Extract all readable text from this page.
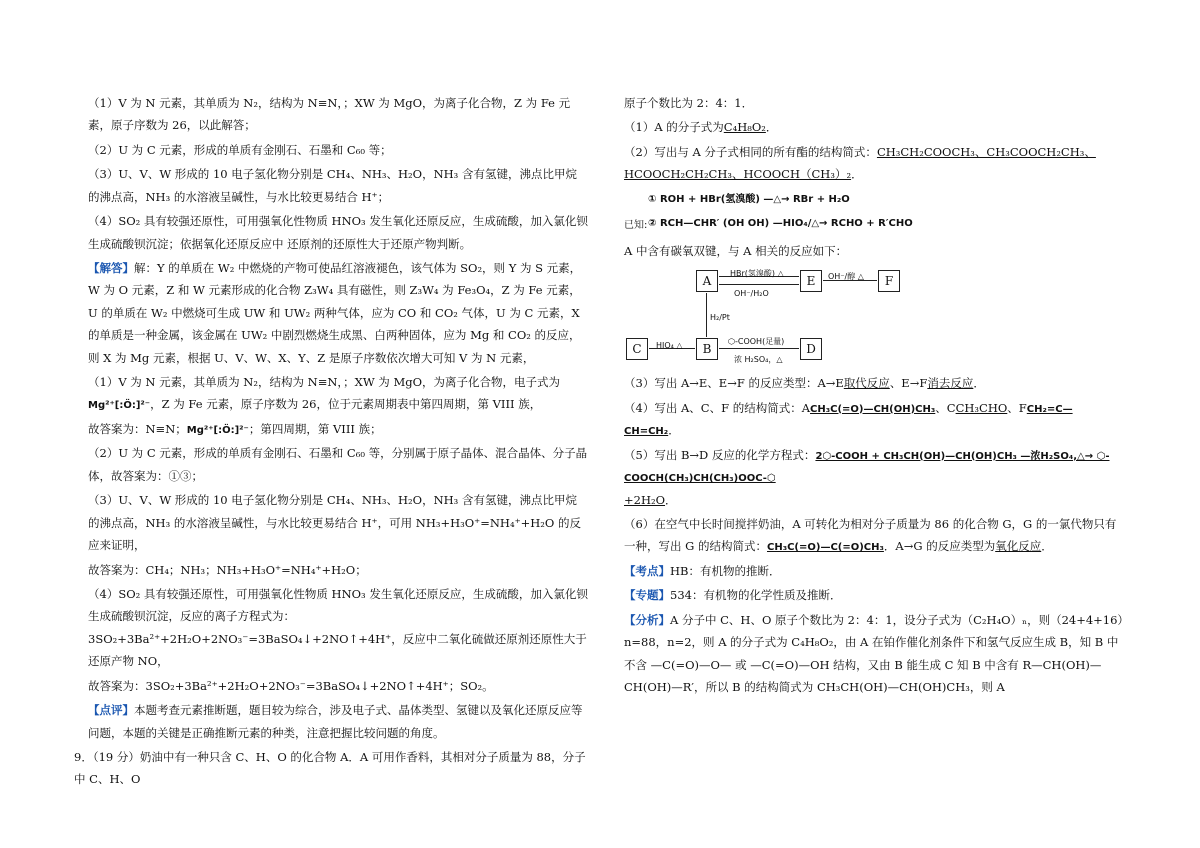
（1）V 为 N 元素，其单质为 N₂，结构为 N≡N，；XW 为 MgO，为离子化合物，Z 为 Fe 元素，原子序数为 26，以此解答；

（2）U 为 C 元素，形成的单质有金刚石、石墨和 C₆₀ 等；

（3）U、V、W 形成的 10 电子氢化物分别是 CH₄、NH₃、H₂O，NH₃ 含有氢键，沸点比甲烷的沸点高，NH₃ 的水溶液呈碱性，与水比较更易结合 H⁺；

（4）SO₂ 具有较强还原性，可用强氧化性物质 HNO₃ 发生氧化还原反应，生成硫酸，加入氯化钡生成硫酸钡沉淀；依据氧化还原反应中 还原剂的还原性大于还原产物判断。

【解答】解：Y 的单质在 W₂ 中燃烧的产物可使品红溶液褪色，该气体为 SO₂，则 Y 为 S 元素，W 为 O 元素，Z 和 W 元素形成的化合物 Z₃W₄ 具有磁性，则 Z₃W₄ 为 Fe₃O₄，Z 为 Fe 元素，U 的单质在 W₂ 中燃烧可生成 UW 和 UW₂ 两种气体，应为 CO 和 CO₂ 气体，U 为 C 元素，X 的单质是一种金属，该金属在 UW₂ 中剧烈燃烧生成黑、白两种固体，应为 Mg 和 CO₂ 的反应，则 X 为 Mg 元素，根据 U、V、W、X、Y、Z 是原子序数依次增大可知 V 为 N 元素，

（1）V 为 N 元素，其单质为 N₂，结构为 N≡N，；XW 为 MgO，为离子化合物，电子式为Mg²⁺[:Ö:]²⁻，Z 为 Fe 元素，原子序数为 26，位于元素周期表中第四周期，第 VIII 族，

故答案为：N≡N；Mg²⁺[:Ö:]²⁻；第四周期，第 VIII 族；

（2）U 为 C 元素，形成的单质有金刚石、石墨和 C₆₀ 等，分别属于原子晶体、混合晶体、分子晶体，故答案为：①③；

（3）U、V、W 形成的 10 电子氢化物分别是 CH₄、NH₃、H₂O，NH₃ 含有氢键，沸点比甲烷的沸点高，NH₃ 的水溶液呈碱性，与水比较更易结合 H⁺，可用 NH₃+H₃O⁺=NH₄⁺+H₂O 的反应来证明，

故答案为：CH₄；NH₃；NH₃+H₃O⁺=NH₄⁺+H₂O；

（4）SO₂ 具有较强还原性，可用强氧化性物质 HNO₃ 发生氧化还原反应，生成硫酸，加入氯化钡生成硫酸钡沉淀，反应的离子方程式为：3SO₂+3Ba²⁺+2H₂O+2NO₃⁻=3BaSO₄↓+2NO↑+4H⁺，反应中二氧化硫做还原剂还原性大于还原产物 NO，

故答案为：3SO₂+3Ba²⁺+2H₂O+2NO₃⁻=3BaSO₄↓+2NO↑+4H⁺；SO₂。

【点评】本题考查元素推断题，题目较为综合，涉及电子式、晶体类型、氢键以及氧化还原反应等问题，本题的关键是正确推断元素的种类，注意把握比较问题的角度。

9．（19 分）奶油中有一种只含 C、H、O 的化合物 A．A 可用作香料，其相对分子质量为 88，分子中 C、H、O

原子个数比为 2：4：1．

（1）A 的分子式为C₄H₈O₂．

（2）写出与 A 分子式相同的所有酯的结构简式：CH₃CH₂COOCH₃、CH₃COOCH₂CH₃、HCOOCH₂CH₂CH₃、HCOOCH（CH₃）₂．

已知:
① ROH + HBr(氢溴酸) —△→ RBr + H₂O
② RCH—CHR′ (OH OH) —HIO₄/△→ RCHO + R′CHO

A 中含有碳氧双键，与 A 相关的反应如下：

A	E	F
B
C	D
HBr(氢溴酸) △
OH⁻/H₂O
OH⁻/醇 △
H₂/Pt
HIO₄ △	⬡-COOH(足量)
浓 H₂SO₄，△

（3）写出 A→E、E→F 的反应类型：A→E取代反应、E→F消去反应．

（4）写出 A、C、F 的结构简式：ACH₃C(=O)—CH(OH)CH₃、CCH₃CHO、FCH₂=C—CH=CH₂．

（5）写出 B→D 反应的化学方程式：2⬡-COOH + CH₃CH(OH)—CH(OH)CH₃ —浓H₂SO₄,△→ ⬡-COOCH(CH₃)CH(CH₃)OOC-⬡
+2H₂O．

（6）在空气中长时间搅拌奶油，A 可转化为相对分子质量为 86 的化合物 G，G 的一氯代物只有一种，写出 G 的结构简式：CH₃C(=O)—C(=O)CH₃．A→G 的反应类型为氧化反应．

【考点】HB：有机物的推断．

【专题】534：有机物的化学性质及推断．

【分析】A 分子中 C、H、O 原子个数比为 2：4：1，设分子式为（C₂H₄O）ₙ，则（24+4+16）n=88，n=2，则 A 的分子式为 C₄H₈O₂，由 A 在铂作催化剂条件下和氢气反应生成 B，知 B 中不含 —C(=O)—O— 或 —C(=O)—OH 结构，又由 B 能生成 C 知 B 中含有 R—CH(OH)—CH(OH)—R′，所以 B 的结构简式为 CH₃CH(OH)—CH(OH)CH₃，则 A
